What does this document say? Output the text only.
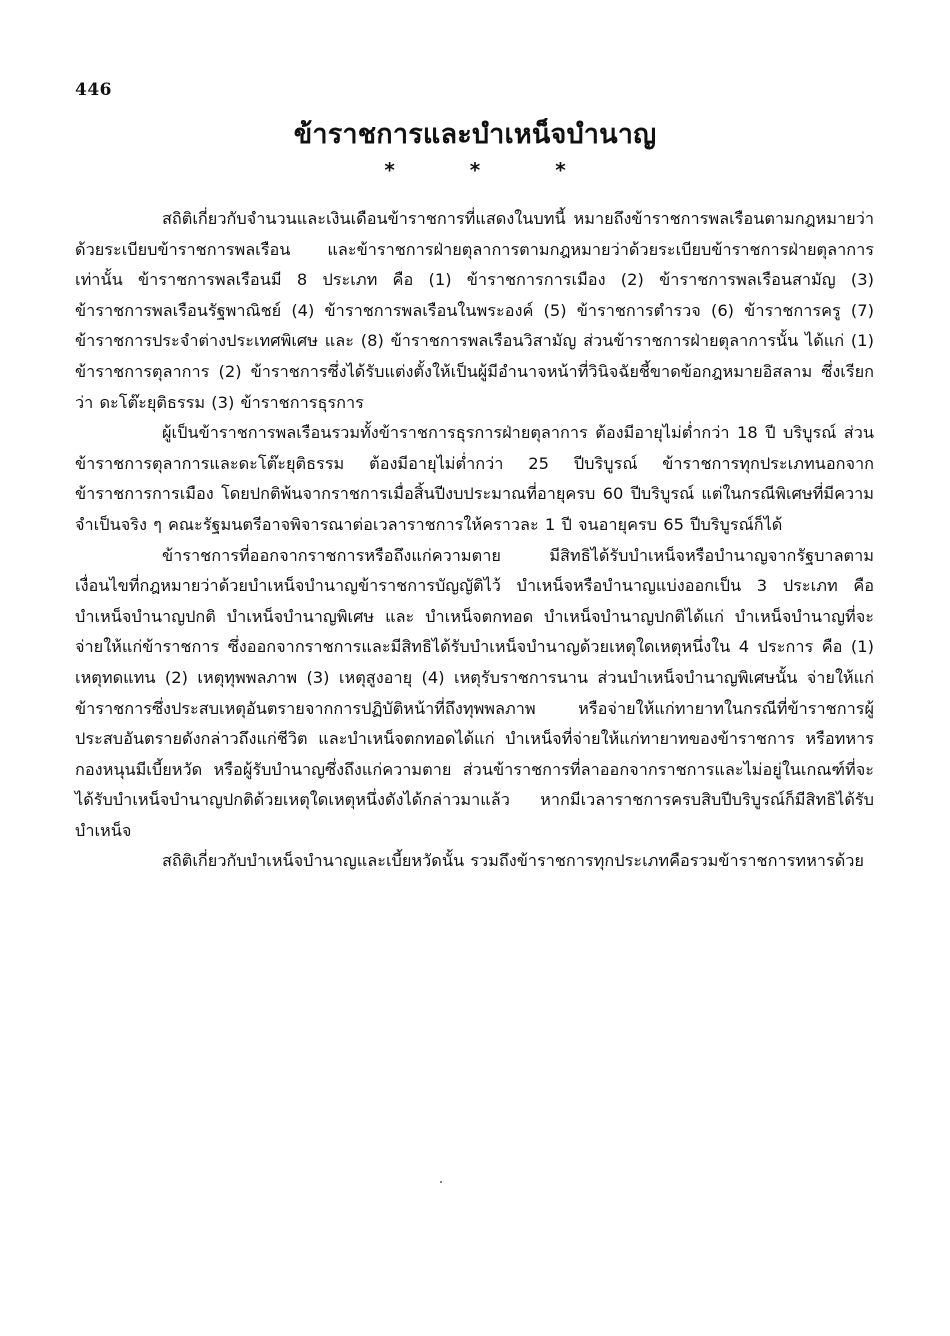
446
ข้าราชการและบำเหน็จบำนาญ
* * *

สถิติเกี่ยวกับจำนวนและเงินเดือนข้าราชการที่แสดงในบทนี้ หมายถึงข้าราชการพลเรือนตามกฎหมายว่าด้วยระเบียบข้าราชการพลเรือน และข้าราชการฝ่ายตุลาการตามกฎหมายว่าด้วยระเบียบข้าราชการฝ่ายตุลาการเท่านั้น ข้าราชการพลเรือนมี 8 ประเภท คือ (1) ข้าราชการการเมือง (2) ข้าราชการพลเรือนสามัญ (3) ข้าราชการพลเรือนรัฐพาณิชย์ (4) ข้าราชการพลเรือนในพระองค์ (5) ข้าราชการตำรวจ (6) ข้าราชการครู (7) ข้าราชการประจำต่างประเทศพิเศษ และ (8) ข้าราชการพลเรือนวิสามัญ ส่วนข้าราชการฝ่ายตุลาการนั้น ได้แก่ (1) ข้าราชการตุลาการ (2) ข้าราชการซึ่งได้รับแต่งตั้งให้เป็นผู้มีอำนาจหน้าที่วินิจฉัยชี้ขาดข้อกฎหมายอิสลาม ซึ่งเรียกว่า ดะโต๊ะยุติธรรม (3) ข้าราชการธุรการ

ผู้เป็นข้าราชการพลเรือนรวมทั้งข้าราชการธุรการฝ่ายตุลาการ ต้องมีอายุไม่ต่ำกว่า 18 ปี บริบูรณ์ ส่วนข้าราชการตุลาการและดะโต๊ะยุติธรรม ต้องมีอายุไม่ต่ำกว่า 25 ปีบริบูรณ์ ข้าราชการทุกประเภทนอกจากข้าราชการการเมือง โดยปกติพ้นจากราชการเมื่อสิ้นปีงบประมาณที่อายุครบ 60 ปีบริบูรณ์ แต่ในกรณีพิเศษที่มีความจำเป็นจริง ๆ คณะรัฐมนตรีอาจพิจารณาต่อเวลาราชการให้คราวละ 1 ปี จนอายุครบ 65 ปีบริบูรณ์ก็ได้

ข้าราชการที่ออกจากราชการหรือถึงแก่ความตาย มีสิทธิได้รับบำเหน็จหรือบำนาญจากรัฐบาลตามเงื่อนไขที่กฎหมายว่าด้วยบำเหน็จบำนาญข้าราชการบัญญัติไว้ บำเหน็จหรือบำนาญแบ่งออกเป็น 3 ประเภท คือ บำเหน็จบำนาญปกติ บำเหน็จบำนาญพิเศษ และ บำเหน็จตกทอด บำเหน็จบำนาญปกติได้แก่ บำเหน็จบำนาญที่จะจ่ายให้แก่ข้าราชการ ซึ่งออกจากราชการและมีสิทธิได้รับบำเหน็จบำนาญด้วยเหตุใดเหตุหนึ่งใน 4 ประการ คือ (1) เหตุทดแทน (2) เหตุทุพพลภาพ (3) เหตุสูงอายุ (4) เหตุรับราชการนาน ส่วนบำเหน็จบำนาญพิเศษนั้น จ่ายให้แก่ข้าราชการซึ่งประสบเหตุอันตรายจากการปฏิบัติหน้าที่ถึงทุพพลภาพ หรือจ่ายให้แก่ทายาทในกรณีที่ข้าราชการผู้ประสบอันตรายดังกล่าวถึงแก่ชีวิต และบำเหน็จตกทอดได้แก่ บำเหน็จที่จ่ายให้แก่ทายาทของข้าราชการ หรือทหารกองหนุนมีเบี้ยหวัด หรือผู้รับบำนาญซึ่งถึงแก่ความตาย ส่วนข้าราชการที่ลาออกจากราชการและไม่อยู่ในเกณฑ์ที่จะได้รับบำเหน็จบำนาญปกติด้วยเหตุใดเหตุหนึ่งดังได้กล่าวมาแล้ว หากมีเวลาราชการครบสิบปีบริบูรณ์ก็มีสิทธิได้รับบำเหน็จ

สถิติเกี่ยวกับบำเหน็จบำนาญและเบี้ยหวัดนั้น รวมถึงข้าราชการทุกประเภทคือรวมข้าราชการทหารด้วย
